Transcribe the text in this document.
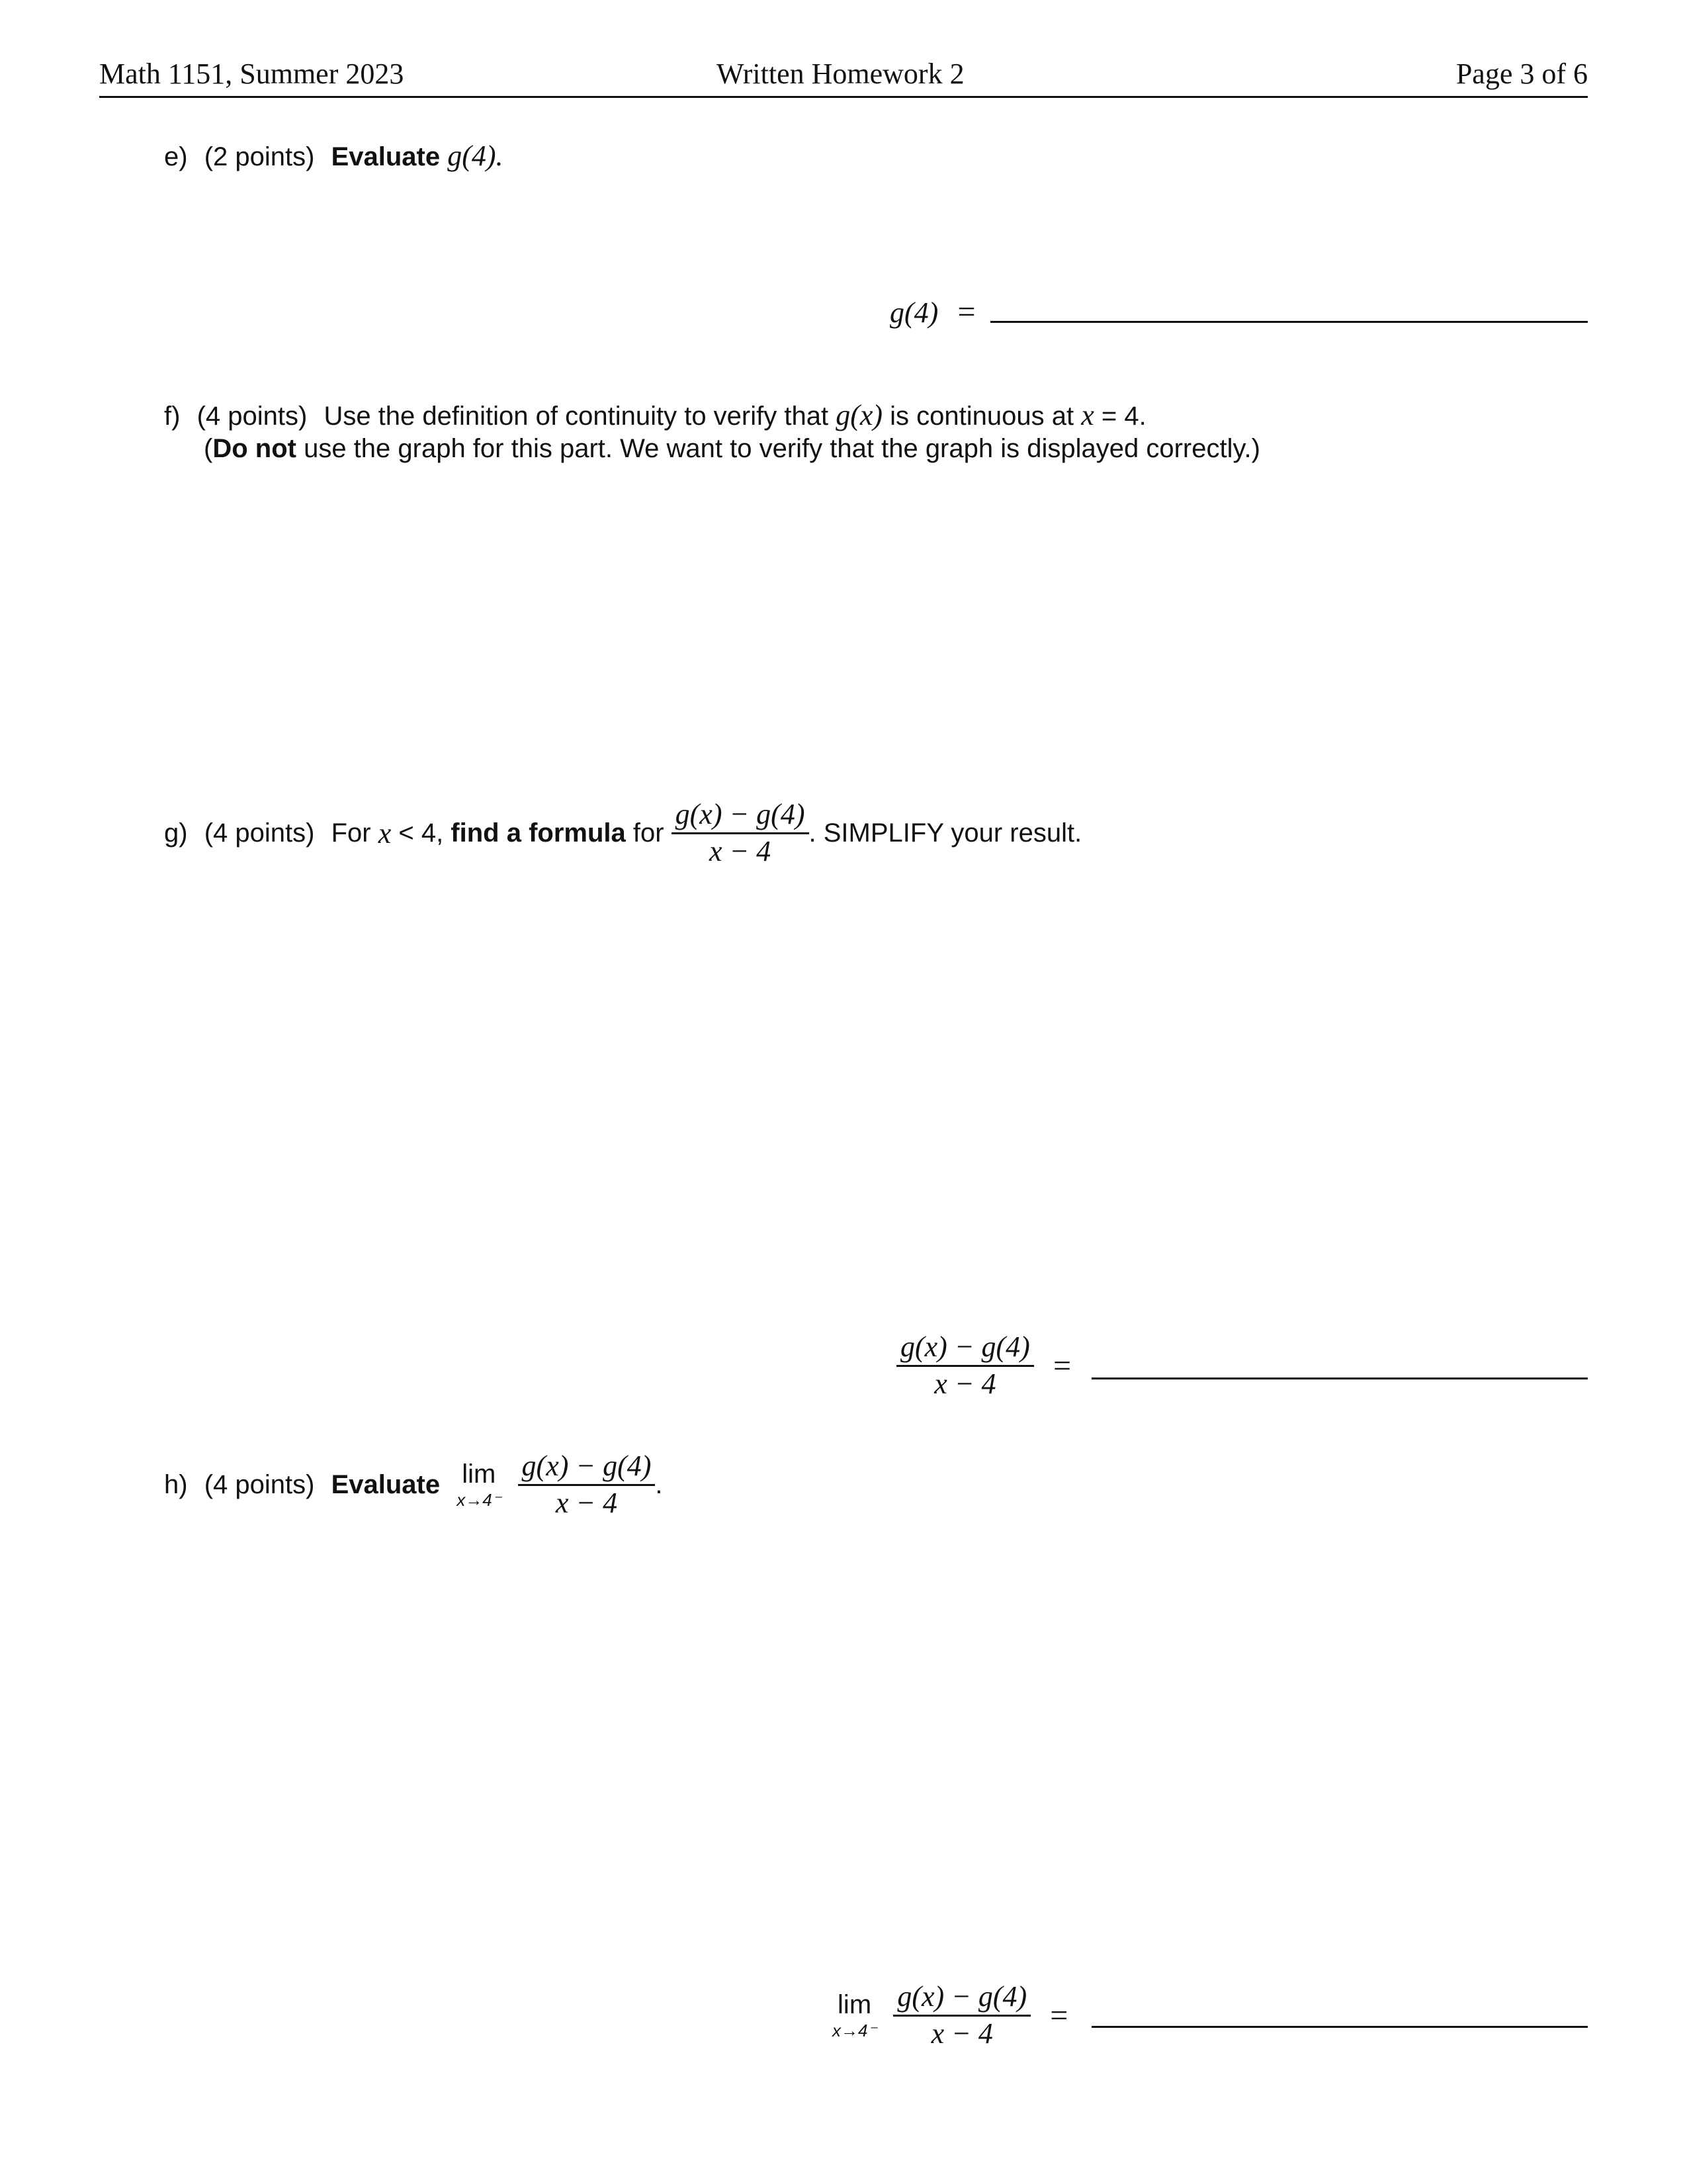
Math 1151, Summer 2023	Written Homework 2	Page 3 of 6
e) (2 points) Evaluate g(4).
g(4) =
f) (4 points) Use the definition of continuity to verify that g(x) is continuous at x = 4.
(Do not use the graph for this part. We want to verify that the graph is displayed correctly.)
g) (4 points) For x < 4, find a formula for $\frac{g(x) - g(4)}{x - 4}$ . SIMPLIFY your result.
$\frac{g(x) - g(4)}{x - 4}$ =
h) (4 points) Evaluate lim
x→4⁻
$\frac{g(x) - g(4)}{x - 4}$ .
lim
x→4⁻
$\frac{g(x) - g(4)}{x - 4}$ =
